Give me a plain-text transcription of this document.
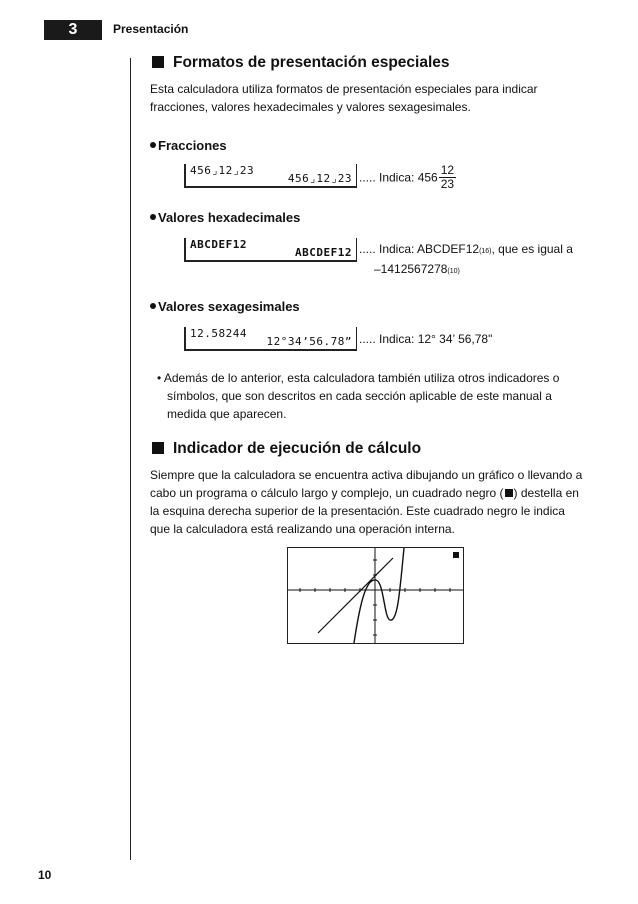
3	Presentación
Formatos de presentación especiales
Esta calculadora utiliza formatos de presentación especiales para indicar
fracciones, valores hexadecimales y valores sexagesimales.
Fracciones
456⌟12⌟23
456⌟12⌟23 ..... Indica: $456 \frac{12}{23}$
Valores hexadecimales
ABCDEF12
ABCDEF12 ..... Indica: ABCDEF12(16), que es igual a
–1412567278(10)
Valores sexagesimales
12.58244
12°34’56.78” ..... Indica: 12° 34’ 56,78"
• Además de lo anterior, esta calculadora también utiliza otros indicadores o
símbolos, que son descritos en cada sección aplicable de este manual a
medida que aparecen.
Indicador de ejecución de cálculo
Siempre que la calculadora se encuentra activa dibujando un gráfico o llevando a
cabo un programa o cálculo largo y complejo, un cuadrado negro ( ) destella en
la esquina derecha superior de la presentación. Este cuadrado negro le indica
que la calculadora está realizando una operación interna.
10
